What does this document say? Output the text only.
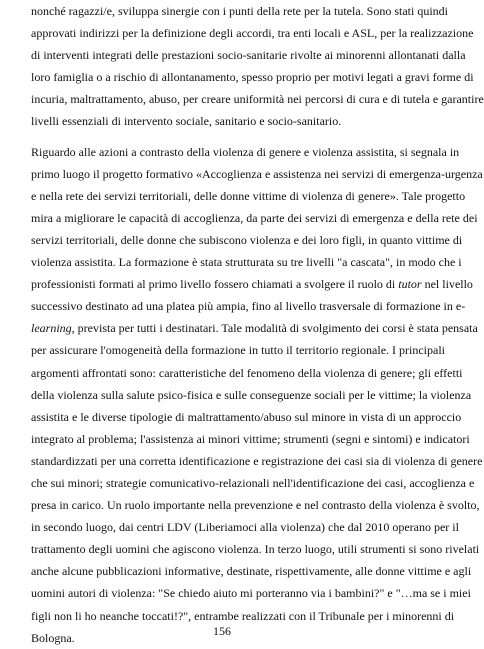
nonché ragazzi/e, sviluppa sinergie con i punti della rete per la tutela. Sono stati quindi
approvati indirizzi per la definizione degli accordi, tra enti locali e ASL, per la realizzazione
di interventi integrati delle prestazioni socio-sanitarie rivolte ai minorenni allontanati dalla
loro famiglia o a rischio di allontanamento, spesso proprio per motivi legati a gravi forme di
incuria, maltrattamento, abuso, per creare uniformità nei percorsi di cura e di tutela e garantire
livelli essenziali di intervento sociale, sanitario e socio-sanitario.
Riguardo alle azioni a contrasto della violenza di genere e violenza assistita, si segnala in
primo luogo il progetto formativo «Accoglienza e assistenza nei servizi di emergenza-urgenza
e nella rete dei servizi territoriali, delle donne vittime di violenza di genere». Tale progetto
mira a migliorare le capacità di accoglienza, da parte dei servizi di emergenza e della rete dei
servizi territoriali, delle donne che subiscono violenza e dei loro figli, in quanto vittime di
violenza assistita. La formazione è stata strutturata su tre livelli "a cascata", in modo che i
professionisti formati al primo livello fossero chiamati a svolgere il ruolo di tutor nel livello
successivo destinato ad una platea più ampia, fino al livello trasversale di formazione in e-
learning, prevista per tutti i destinatari. Tale modalità di svolgimento dei corsi è stata pensata
per assicurare l'omogeneità della formazione in tutto il territorio regionale. I principali
argomenti affrontati sono: caratteristiche del fenomeno della violenza di genere; gli effetti
della violenza sulla salute psico-fisica e sulle conseguenze sociali per le vittime; la violenza
assistita e le diverse tipologie di maltrattamento/abuso sul minore in vista di un approccio
integrato al problema; l'assistenza ai minori vittime; strumenti (segni e sintomi) e indicatori
standardizzati per una corretta identificazione e registrazione dei casi sia di violenza di genere
che sui minori; strategie comunicativo-relazionali nell'identificazione dei casi, accoglienza e
presa in carico. Un ruolo importante nella prevenzione e nel contrasto della violenza è svolto,
in secondo luogo, dai centri LDV (Liberiamoci alla violenza) che dal 2010 operano per il
trattamento degli uomini che agiscono violenza. In terzo luogo, utili strumenti si sono rivelati
anche alcune pubblicazioni informative, destinate, rispettivamente, alle donne vittime e agli
uomini autori di violenza: "Se chiedo aiuto mi porteranno via i bambini?" e "…ma se i miei
figli non li ho neanche toccati!?", entrambe realizzati con il Tribunale per i minorenni di
Bologna.	156
